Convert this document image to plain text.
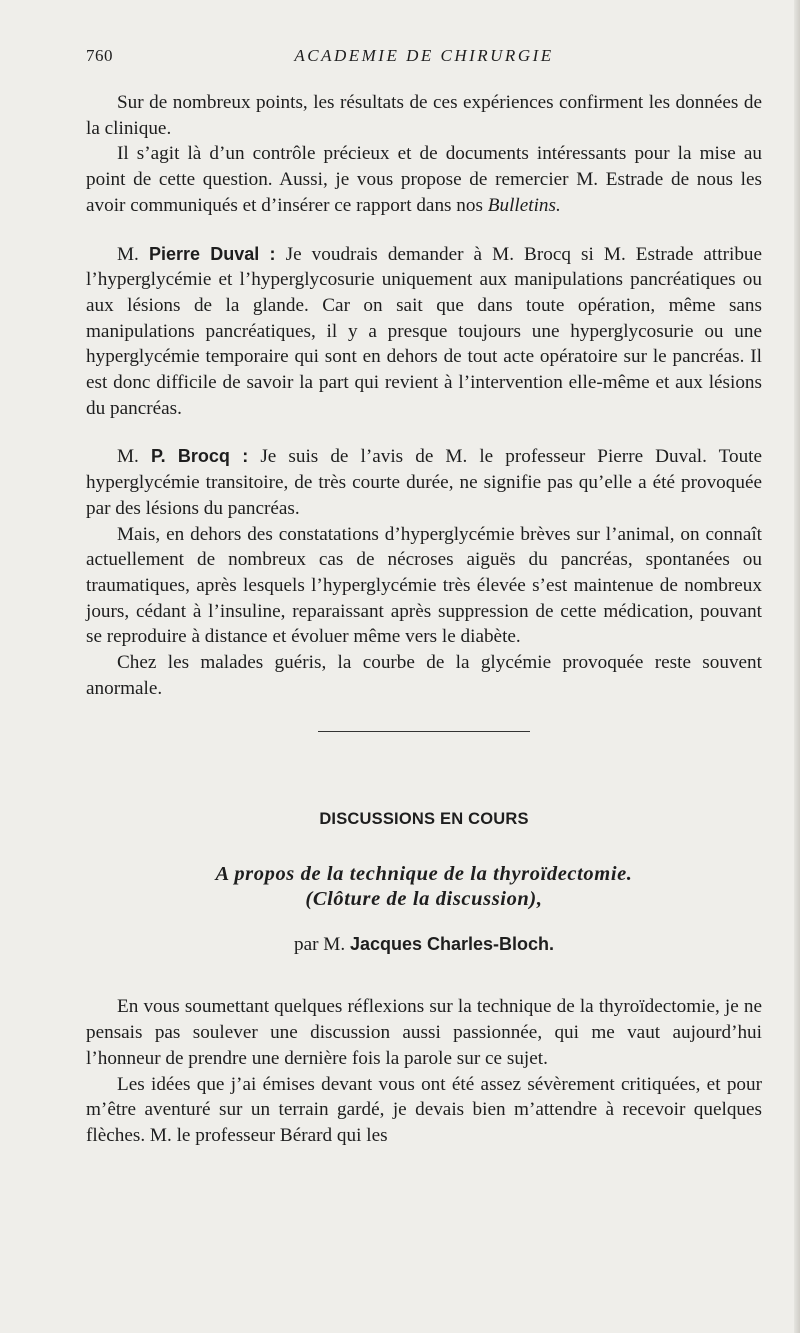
760	ACADEMIE DE CHIRURGIE

Sur de nombreux points, les résultats de ces expériences confirment les données de la clinique.

Il s’agit là d’un contrôle précieux et de documents intéressants pour la mise au point de cette question. Aussi, je vous propose de remercier M. Estrade de nous les avoir communiqués et d’insérer ce rapport dans nos Bulletins.

M. Pierre Duval : Je voudrais demander à M. Brocq si M. Estrade attribue l’hyperglycémie et l’hyperglycosurie uniquement aux manipulations pancréatiques ou aux lésions de la glande. Car on sait que dans toute opération, même sans manipulations pancréatiques, il y a presque toujours une hyperglycosurie ou une hyperglycémie temporaire qui sont en dehors de tout acte opératoire sur le pancréas. Il est donc difficile de savoir la part qui revient à l’intervention elle-même et aux lésions du pancréas.

M. P. Brocq : Je suis de l’avis de M. le professeur Pierre Duval. Toute hyperglycémie transitoire, de très courte durée, ne signifie pas qu’elle a été provoquée par des lésions du pancréas.

Mais, en dehors des constatations d’hyperglycémie brèves sur l’animal, on connaît actuellement de nombreux cas de nécroses aiguës du pancréas, spontanées ou traumatiques, après lesquels l’hyperglycémie très élevée s’est maintenue de nombreux jours, cédant à l’insuline, reparaissant après suppression de cette médication, pouvant se reproduire à distance et évoluer même vers le diabète.

Chez les malades guéris, la courbe de la glycémie provoquée reste souvent anormale.

DISCUSSIONS EN COURS
A propos de la technique de la thyroïdectomie.
(Clôture de la discussion),
par M. Jacques Charles-Bloch.

En vous soumettant quelques réflexions sur la technique de la thyroïdectomie, je ne pensais pas soulever une discussion aussi passionnée, qui me vaut aujourd’hui l’honneur de prendre une dernière fois la parole sur ce sujet.

Les idées que j’ai émises devant vous ont été assez sévèrement critiquées, et pour m’être aventuré sur un terrain gardé, je devais bien m’attendre à recevoir quelques flèches. M. le professeur Bérard qui les
